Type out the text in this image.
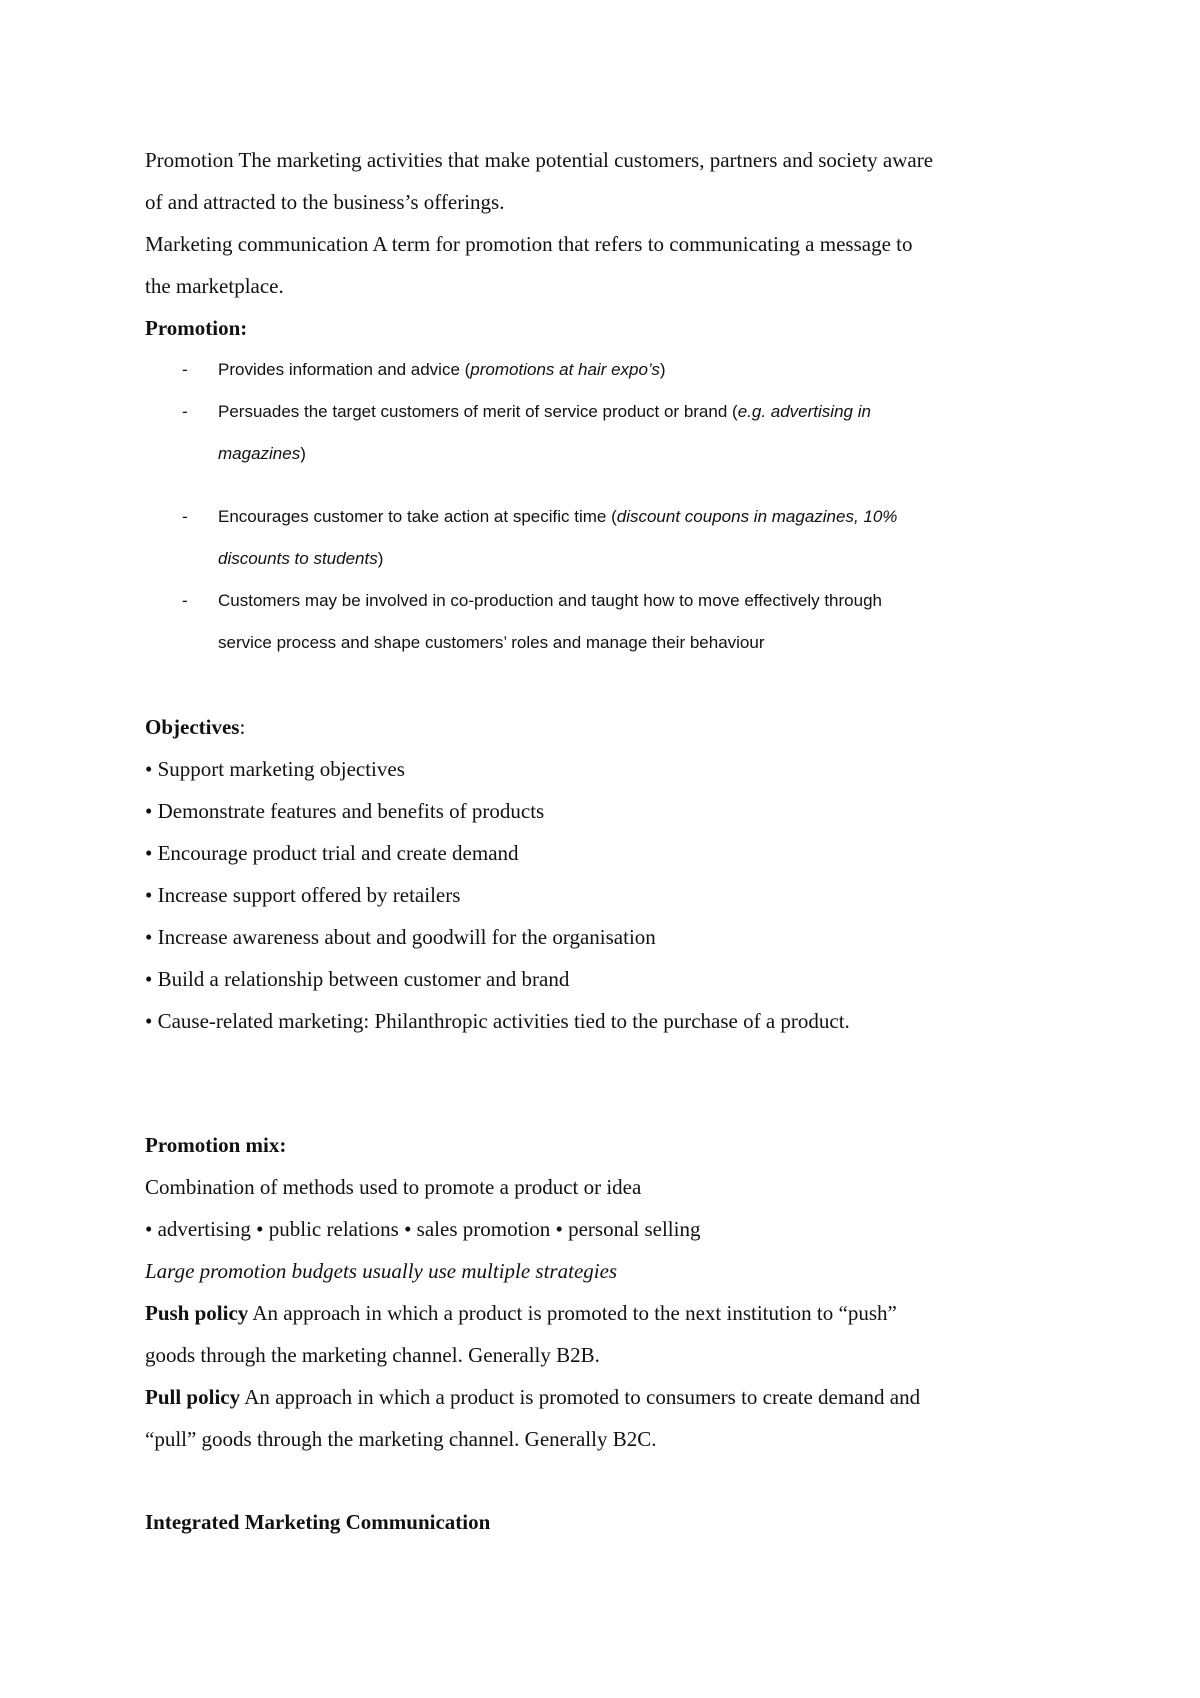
Promotion The marketing activities that make potential customers, partners and society aware
of and attracted to the business’s offerings.
Marketing communication A term for promotion that refers to communicating a message to
the marketplace.
Promotion:
- Provides information and advice (promotions at hair expo’s)
- Persuades the target customers of merit of service product or brand (e.g. advertising in
magazines)
- Encourages customer to take action at specific time (discount coupons in magazines, 10%
discounts to students)
- Customers may be involved in co-production and taught how to move effectively through
service process and shape customers’ roles and manage their behaviour
Objectives:
• Support marketing objectives
• Demonstrate features and benefits of products
• Encourage product trial and create demand
• Increase support offered by retailers
• Increase awareness about and goodwill for the organisation
• Build a relationship between customer and brand
• Cause-related marketing: Philanthropic activities tied to the purchase of a product.
Promotion mix:
Combination of methods used to promote a product or idea
• advertising • public relations • sales promotion • personal selling
Large promotion budgets usually use multiple strategies
Push policy An approach in which a product is promoted to the next institution to “push”
goods through the marketing channel. Generally B2B.
Pull policy An approach in which a product is promoted to consumers to create demand and
“pull” goods through the marketing channel. Generally B2C.
Integrated Marketing Communication
